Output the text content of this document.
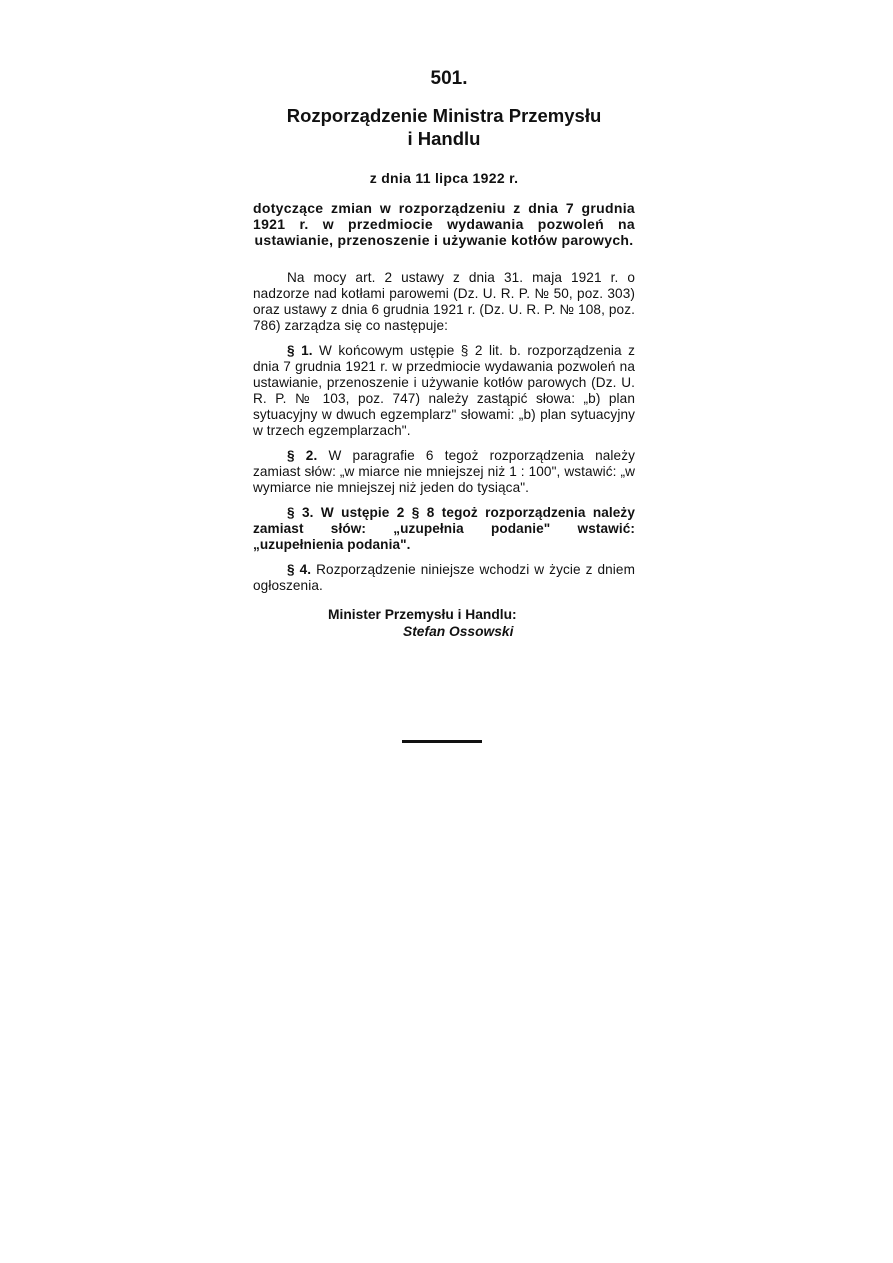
501.
Rozporządzenie Ministra Przemysłu
i Handlu
z dnia 11 lipca 1922 r.
dotyczące zmian w rozporządzeniu z dnia 7 grudnia 1921 r. w przedmiocie wydawania pozwoleń na ustawianie, przenoszenie i używanie kotłów parowych.

Na mocy art. 2 ustawy z dnia 31. maja 1921 r. o nadzorze nad kotłami parowemi (Dz. U. R. P. № 50, poz. 303) oraz ustawy z dnia 6 grudnia 1921 r. (Dz. U. R. P. № 108, poz. 786) zarządza się co następuje:

§ 1. W końcowym ustępie § 2 lit. b. rozporządzenia z dnia 7 grudnia 1921 r. w przedmiocie wydawania pozwoleń na ustawianie, przenoszenie i używanie kotłów parowych (Dz. U. R. P. № 103, poz. 747) należy zastąpić słowa: „b) plan sytuacyjny w dwuch egzemplarz" słowami: „b) plan sytuacyjny w trzech egzemplarzach".

§ 2. W paragrafie 6 tegoż rozporządzenia należy zamiast słów: „w miarce nie mniejszej niż 1 : 100", wstawić: „w wymiarce nie mniejszej niż jeden do tysiąca".

§ 3. W ustępie 2 § 8 tegoż rozporządzenia należy zamiast słów: „uzupełnia podanie" wstawić: „uzupełnienia podania".

§ 4. Rozporządzenie niniejsze wchodzi w życie z dniem ogłoszenia.

Minister Przemysłu i Handlu:
Stefan Ossowski
